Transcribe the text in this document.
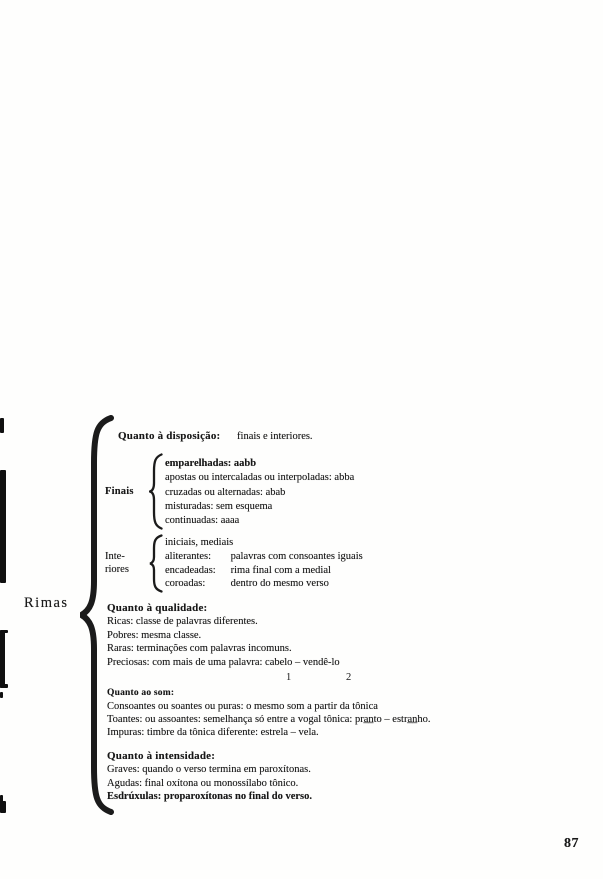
Rimas
Quanto à disposição: finais e interiores.
Finais
emparelhadas: aabb
apostas ou intercaladas ou interpoladas: abba
cruzadas ou alternadas: abab
misturadas: sem esquema
continuadas: aaaa
Inte-
riores
iniciais, mediais
aliterantes: palavras com consoantes iguais
encadeadas: rima final com a medial
coroadas: dentro do mesmo verso
Quanto à qualidade:
Ricas: classe de palavras diferentes.
Pobres: mesma classe.
Raras: terminações com palavras incomuns.
Preciosas: com mais de uma palavra: cabelo – vendê-lo
1	2
Quanto ao som:
Consoantes ou soantes ou puras: o mesmo som a partir da tônica
Toantes: ou assoantes: semelhança só entre a vogal tônica: pra̲n̲to – estra̲n̲ho.
Impuras: timbre da tônica diferente: estrela – vela.
Quanto à intensidade:
Graves: quando o verso termina em paroxítonas.
Agudas: final oxítona ou monossílabo tônico.
Esdrúxulas: proparoxítonas no final do verso.
87
